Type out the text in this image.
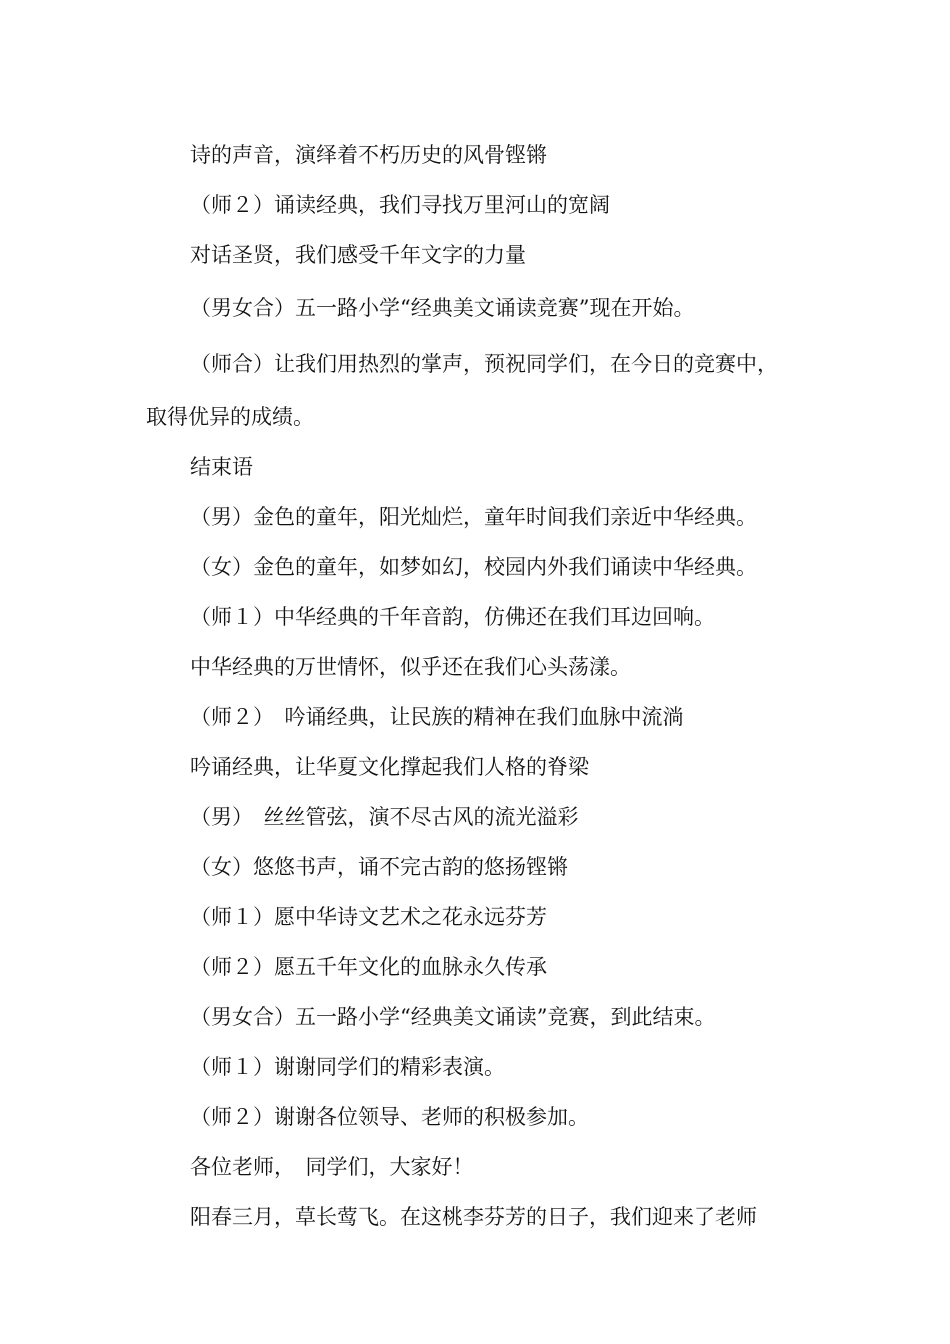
诗的声音，演绎着不朽历史的风骨铿锵
（师２）诵读经典，我们寻找万里河山的宽阔
对话圣贤，我们感受千年文字的力量
（男女合）五一路小学“经典美文诵读竞赛”现在开始。
（师合）让我们用热烈的掌声，预祝同学们，在今日的竞赛中，
取得优异的成绩。
结束语
（男）金色的童年，阳光灿烂，童年时间我们亲近中华经典。
（女）金色的童年，如梦如幻，校园内外我们诵读中华经典。
（师１）中华经典的千年音韵，仿佛还在我们耳边回响。
中华经典的万世情怀，似乎还在我们心头荡漾。
（师２）　吟诵经典，让民族的精神在我们血脉中流淌
吟诵经典，让华夏文化撑起我们人格的脊梁
（男）　丝丝管弦，演不尽古风的流光溢彩
（女）悠悠书声，诵不完古韵的悠扬铿锵
（师１）愿中华诗文艺术之花永远芬芳
（师２）愿五千年文化的血脉永久传承
（男女合）五一路小学“经典美文诵读”竞赛，到此结束。
（师１）谢谢同学们的精彩表演。
（师２）谢谢各位领导、老师的积极参加。
各位老师，　同学们，大家好！
阳春三月，草长莺飞。在这桃李芬芳的日子，我们迎来了老师
